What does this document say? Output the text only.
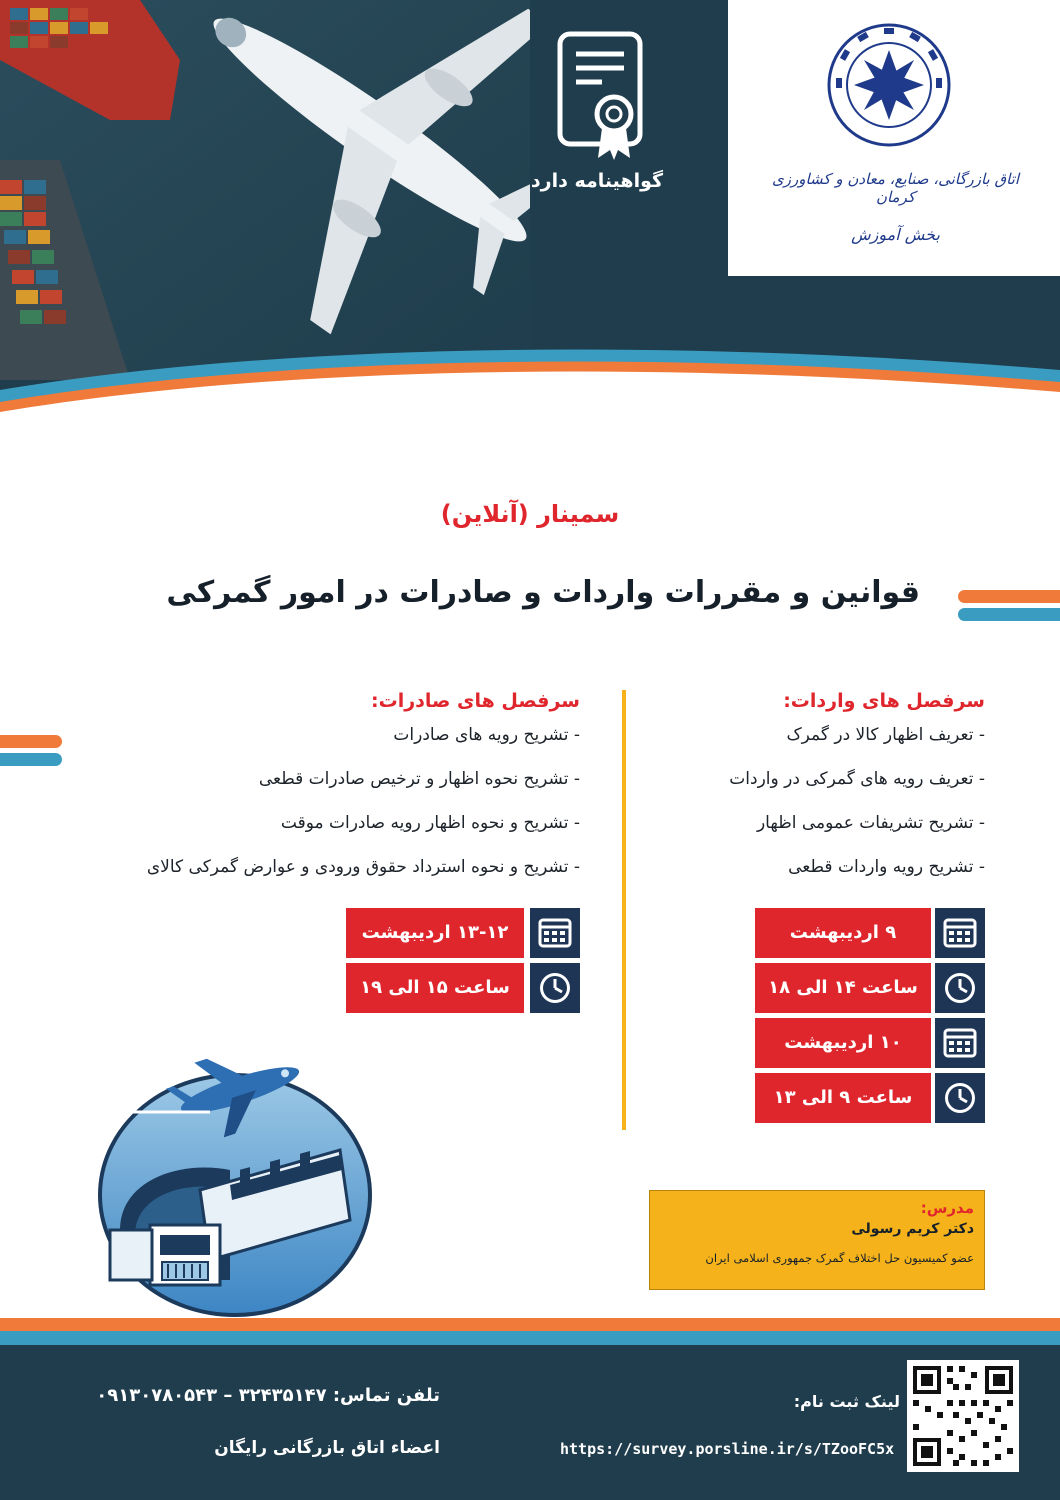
گواهینامه دارد	اتاق بازرگانی، صنایع، معادن و کشاورزی کرمان
بخش آموزش
سمینار (آنلاین)
قوانین و مقررات واردات و صادرات در امور گمرکی
سرفصل های واردات:
- تعریف اظهار کالا در گمرک
- تعریف رویه های گمرکی در واردات
- تشریح تشریفات عمومی اظهار
- تشریح رویه واردات قطعی
سرفصل های صادرات:
- تشریح رویه های صادرات
- تشریح نحوه اظهار و ترخیص صادرات قطعی
- تشریح و نحوه اظهار رویه صادرات موقت
- تشریح و نحوه استرداد حقوق ورودی و عوارض گمرکی کالای
۹ اردیبهشت
ساعت ۱۴ الی ۱۸
۱۰ اردیبهشت
ساعت ۹ الی ۱۳
۱۳-۱۲ اردیبهشت
ساعت ۱۵ الی ۱۹
مدرس:
دکتر کریم رسولی
عضو کمیسیون حل اختلاف گمرک جمهوری اسلامی ایران
لینک ثبت نام:
https://survey.porsline.ir/s/TZooFC5x
تلفن تماس: ۳۲۴۳۵۱۴۷ – ۰۹۱۳۰۷۸۰۵۴۳
اعضاء اتاق بازرگانی رایگان
